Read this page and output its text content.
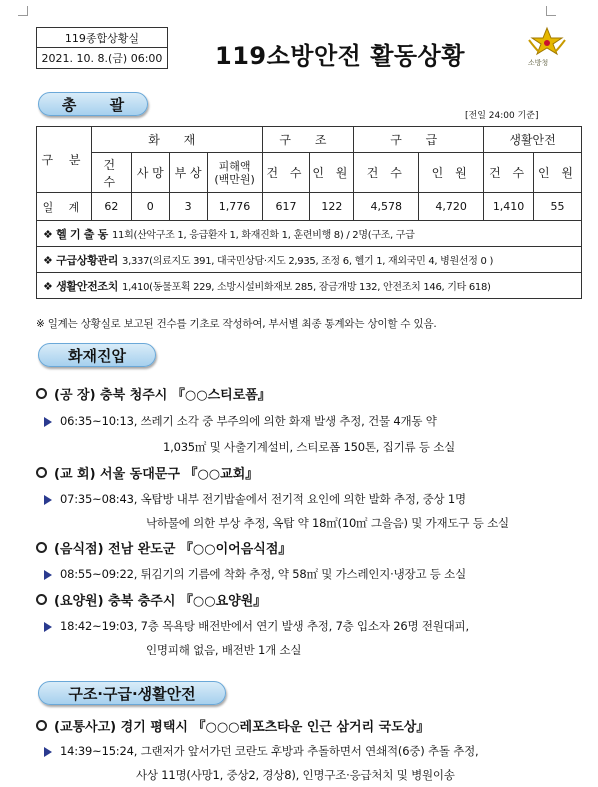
119종합상황실
2021. 10. 8.(금) 06:00 119소방안전 활동상황	소방청
총 괄
[전일 24:00 기준]
구 분	화 재				구 조		구 급		생활안전	
	건 수	사 망	부 상	피해액
(백만원)	건 수	인 원	건 수	인 원	건 수	인 원
일 계	62	0	3	1,776	617	122	4,578	4,720	1,410	55
❖ 헬 기 출 동 11회(산악구조 1, 응급환자 1, 화재진화 1, 훈련비행 8) / 2명(구조, 구급										
❖ 구급상황관리 3,337(의료지도 391, 대국민상담·지도 2,935, 조정 6, 헬기 1, 재외국민 4, 병원선정 0 )										
❖ 생활안전조치 1,410(동물포획 229, 소방시설비화재보 285, 잠금개방 132, 안전조치 146, 기타 618)										
※ 일계는 상황실로 보고된 건수를 기초로 작성하여, 부서별 최종 통계와는 상이할 수 있음.
화재진압
(공 장) 충북 청주시 『○○스티로폼』
06:35~10:13, 쓰레기 소각 중 부주의에 의한 화재 발생 추정, 건물 4개동 약
1,035㎡ 및 사출기계설비, 스티로폼 150톤, 집기류 등 소실
(교 회) 서울 동대문구 『○○교회』
07:35~08:43, 옥탑방 내부 전기밥솥에서 전기적 요인에 의한 발화 추정, 중상 1명
낙하물에 의한 부상 추정, 옥탑 약 18㎡(10㎡ 그을음) 및 가재도구 등 소실
(음식점) 전남 완도군 『○○이어음식점』
08:55~09:22, 튀김기의 기름에 착화 추정, 약 58㎡ 및 가스레인지·냉장고 등 소실
(요양원) 충북 충주시 『○○요양원』
18:42~19:03, 7층 목욕탕 배전반에서 연기 발생 추정, 7층 입소자 26명 전원대피,
인명피해 없음, 배전반 1개 소실
구조·구급·생활안전
(교통사고) 경기 평택시 『○○○레포츠타운 인근 삼거리 국도상』
14:39~15:24, 그랜저가 앞서가던 코란도 후방과 추돌하면서 연쇄적(6중) 추돌 추정,
사상 11명(사망1, 중상2, 경상8), 인명구조·응급처치 및 병원이송
